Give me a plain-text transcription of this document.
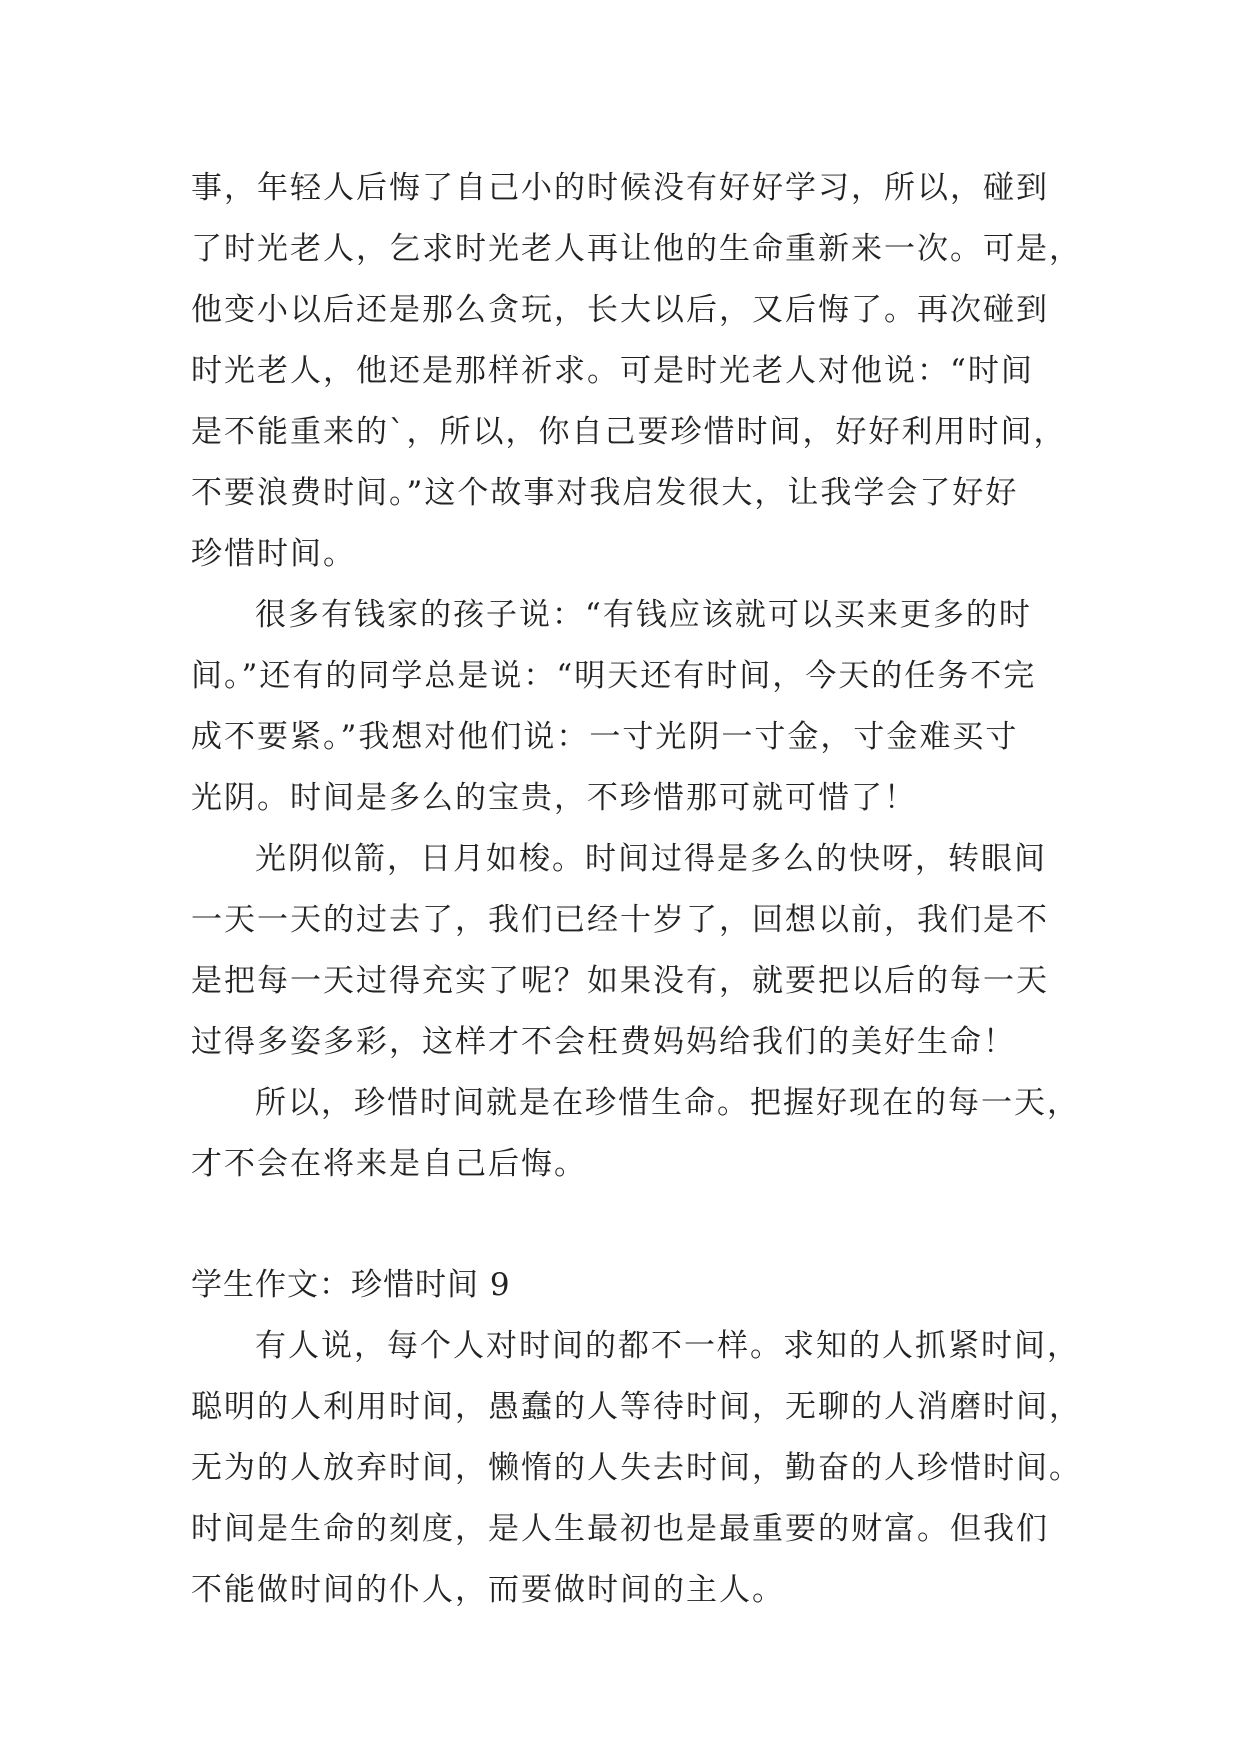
事，年轻人后悔了自己小的时候没有好好学习，所以，碰到
了时光老人，乞求时光老人再让他的生命重新来一次。可是，
他变小以后还是那么贪玩，长大以后，又后悔了。再次碰到
时光老人，他还是那样祈求。可是时光老人对他说：“时间
是不能重来的`，所以，你自己要珍惜时间，好好利用时间，
不要浪费时间。”这个故事对我启发很大，让我学会了好好
珍惜时间。
很多有钱家的孩子说：“有钱应该就可以买来更多的时
间。”还有的同学总是说：“明天还有时间，今天的任务不完
成不要紧。”我想对他们说：一寸光阴一寸金，寸金难买寸
光阴。时间是多么的宝贵，不珍惜那可就可惜了！
光阴似箭，日月如梭。时间过得是多么的快呀，转眼间
一天一天的过去了，我们已经十岁了，回想以前，我们是不
是把每一天过得充实了呢？如果没有，就要把以后的每一天
过得多姿多彩，这样才不会枉费妈妈给我们的美好生命！
所以，珍惜时间就是在珍惜生命。把握好现在的每一天，
才不会在将来是自己后悔。
学生作文：珍惜时间 9
有人说，每个人对时间的都不一样。求知的人抓紧时间，
聪明的人利用时间，愚蠢的人等待时间，无聊的人消磨时间，
无为的人放弃时间，懒惰的人失去时间，勤奋的人珍惜时间。
时间是生命的刻度，是人生最初也是最重要的财富。但我们
不能做时间的仆人，而要做时间的主人。
